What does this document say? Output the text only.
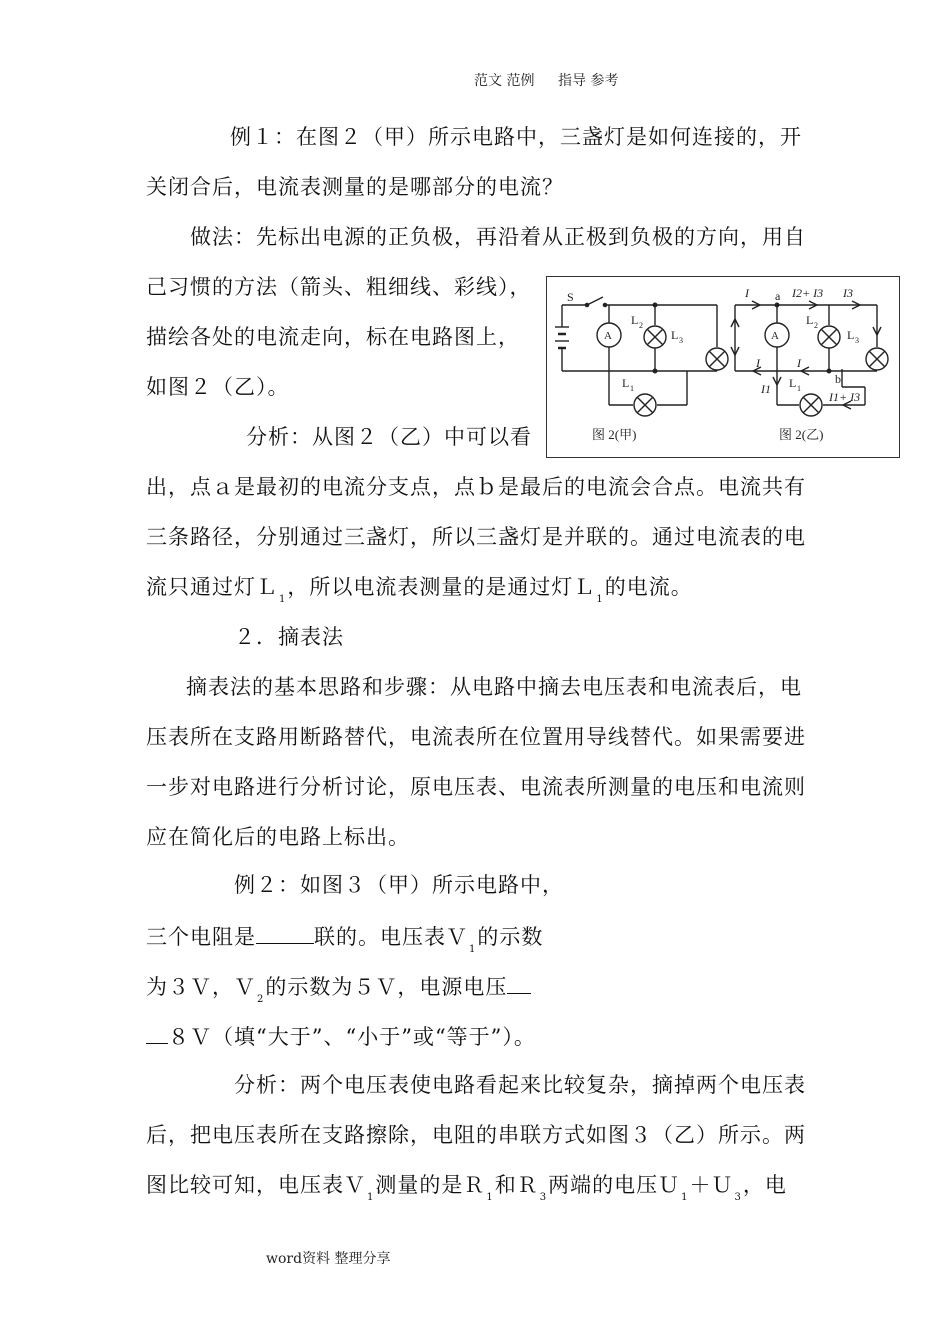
范文 范例 指导 参考
例１：在图２（甲）所示电路中，三盏灯是如何连接的，开
关闭合后，电流表测量的是哪部分的电流？
做法：先标出电源的正负极，再沿着从正极到负极的方向，用自
己习惯的方法（箭头、粗细线、彩线），
描绘各处的电流走向，标在电路图上，
如图２（乙）。
S
A
L 2
L 3
L 1
图 2(甲)
I a I2+ I3 I3
A
L 2
L 3
I	I
b
I1 L 1
I1+ I3
图 2(乙)
分析：从图２（乙）中可以看
出，点ａ是最初的电流分支点，点ｂ是最后的电流会合点。电流共有
三条路径，分别通过三盏灯，所以三盏灯是并联的。通过电流表的电
流只通过灯Ｌ$_1$，所以电流表测量的是通过灯Ｌ$_1$的电流。
２．摘表法
摘表法的基本思路和步骤：从电路中摘去电压表和电流表后，电
压表所在支路用断路替代，电流表所在位置用导线替代。如果需要进
一步对电路进行分析讨论，原电压表、电流表所测量的电压和电流则
应在简化后的电路上标出。
例２：如图３（甲）所示电路中，
三个电阻是	联的。电压表Ｖ$_1$的示数
为３Ｖ，Ｖ$_2$的示数为５Ｖ，电源电压
８Ｖ（填“大于”、“小于”或“等于”）。
分析：两个电压表使电路看起来比较复杂，摘掉两个电压表
后，把电压表所在支路擦除，电阻的串联方式如图３（乙）所示。两
图比较可知，电压表Ｖ$_1$测量的是Ｒ$_1$和Ｒ$_3$两端的电压Ｕ$_1$＋Ｕ$_3$，电
word资料 整理分享
